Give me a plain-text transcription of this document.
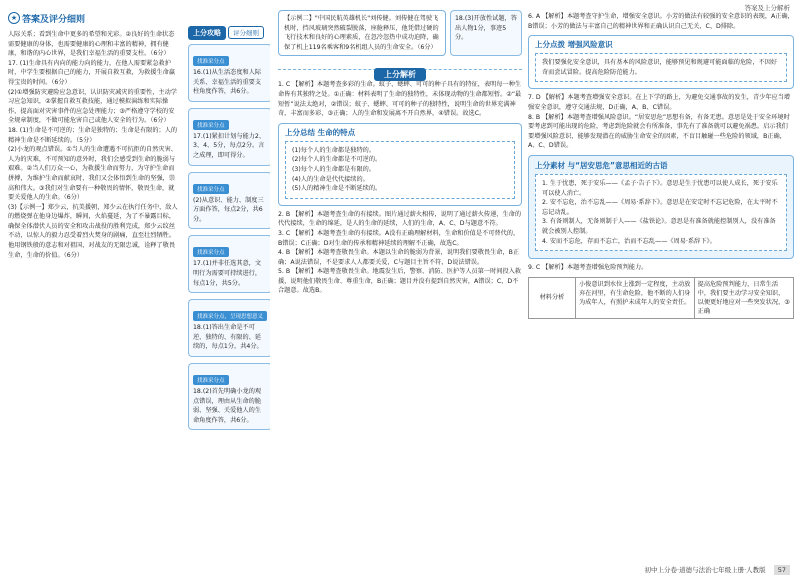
答案及上分解析
★ 答案及评分细则

人际关系；看到生命中更多的希望和光彩。②良好的生命状态需要健康的身体，也需要健康的心理和丰富的精神，拥有健康，和谐的内心世界，是我们幸福生活的重要支柱。（6分）

17. (1)生命具有内向的能力向的能力，在他人需要紧急救护时，中学生要根据自己的能力，开展自救互救，为救援生命赢得宝贵的时间。（6分）

(2)①增强防灾避险应急意识，认识防灾减灾的重要性，主动学习应急知识，②掌握自救互救技能，通过模拟演练和实际操作，提高面对灾害事件的应急处理能力；③严格遵守学校的安全规章制度，不做可能危害自己或他人安全的行为。（6分）

18. (1)生命是不可逆的；生命是独特的；生命是有限的；人的精神生命是不断延续的。（5分）

(2)小龙的观点错误。①当人的生命遭遇不可抗拒的自然灾害、人为的灾难，不可预知的意外时，我们会感受到生命的脆弱与艰难。②当人们万众一心，为救援生命而努力，为守护生命而拼搏，为维护生命而献哀时，我们又会体悟到生命的坚强，崇高和伟大。③我们对生命要有一种敬畏的情怀，敬畏生命，就要关爱他人的生命。（6分）

(3)【示例一】郑少云，抗美援朝，郑少云在执行任务中，敌人的燃烧弹在他身边爆炸，瞬间，火焰蔓延，为了不暴露目标，确保全体潜伏人员的安全和攻击战役的胜利完成，郑少云纹丝不动，以惊人的毅力忍受着烈火焚身的剧痛，直至壮烈牺牲。他用钢铁般的意志和对祖国，对战友的无限忠诚，诠释了敬畏生命，生命的价值。（6分）

上分攻略 评分细则
找准采分点

16.(1)从生活态度和人际关系、幸福生活的重要支柱角度作答，共6分。

找准采分点

17.(1)紧扣计划与能力2、3、4、5分，每点2分。言之成理，即可得分。

找准采分点

(2)从意识、能力、制度三方面作答，每点2分，共6分。

找准采分点

17.(1)并非任选其意，文明行为需要可持续进行，每点1分，共5分。

找准采分点，呈现思想意义

18.(1)答出生命是不可逆、独特的、有限的、延续的，每点1分，共4分。

找准采分点

18.(2)首先明确小龙的观点错误，理由从生命的脆弱、坚强、关爱他人的生命角度作答，共6分。

【示例二】"中国民航英雄机长"刘传健。刘传健在驾驶飞机时，挡风玻璃突然破裂脱落，座舱释压，他凭借过硬的飞行技术和良好的心理素质，在忽冷忽热中成功迫降，确保了机上119名乘客和9名机组人员的生命安全。（6分）

18.(3)开放性试题，答出人物1分，事迹5分。

上分解析

1. C 【解析】本题考查多彩的生命。蚊子、蟋蟀、可可的种子具有的特征，表明每一种生命皆有其独特之处。①正确：材料表明了生命的独特性，未体现动物的生命都短暂。②“最短暂”说法太绝对，②错误；蚊子、蟋蟀、可可的种子的独特性，说明生命的世界充满神奇，丰富而多彩，③正确；人的生命和发展离不开自然界，④错误。故选C。

上分总结 生命的特点

(1)每个人的生命都是独特的。

(2)每个人的生命都是不可逆的。

(3)每个人的生命都是有限的。

(4)人的生命是代代接续的。

(5)人的精神生命是不断延续的。

2. B 【解析】本题考查生命的有接续。图片通过薪火相传，说明了通过薪火传递，生命的代代接续，生命的绵延，是人的生命的延续，人们的生命，A、C、D与题意不符。

3. C 【解析】本题考查生命的有接续。A没有正确理解材料，生命和价值是不可替代的，B错误；C正确；D对生命的传承和精神延续的理解不正确，故选C。

4. B 【解析】本题考查敬畏生命。本题以生命的脆弱为背景，说明我们要敬畏生命，B正确；A说法错误，不是要求人人都要关爱，C与题目主旨不符，D说法错误。

5. B 【解析】本题考查敬畏生命。地震发生后，警察、消防、医护等人员第一时间投入救援，说明他们敬畏生命、尊重生命，B正确；题目并没有提到自然灾害，A错误；C、D不合题意。故选B。

6. A 【解析】本题考查守护生命，增强安全意识。小芳的做法有较强的安全意识的表现，A正确，B错误；小芳的做法与丰富自己的精神世界和正确认识自己无关，C、D排除。

上分点拨 增强风险意识

我们要强化安全意识，具有基本的风险意识，能够预见和规避可能面临的危险，不因好奇而尝试冒险。提高危险防范能力。

7. D 【解析】本题考查增强安全意识。在上下学的路上，为避免交通事故的发生，青少年应当增强安全意识，遵守交通法规，D正确，A、B、C错误。

8. B 【解析】本题考查增强风险意识。“居安思危”思想有备，有备无患。意思是处于安全环境时要考虑到可能出现的危险，考虑到危险就会有所准备，事先有了准备就可以避免祸患。启示我们要增强风险意识，能够发现潜在的威胁生命安全的因素，不盲目触碰一些危险的领域，B正确，A、C、D错误。

上分素材 与“居安思危”意思相近的古语

1. 生于忧患，死于安乐——《孟子·告子下》。意思是生于忧患可以使人成长，死于安乐可以使人消亡。

2. 安不忘危，治不忘乱——《周易·系辞下》。意思是在安定时不忘记危险，在太平时不忘记动乱。

3. 有备则制人，无备则制于人——《盐铁论》。意思是有准备就能控制别人，没有准备就会被别人控制。

4. 安而不忘危，存而不忘亡，治而不忘乱——《周易·系辞下》。

9. C 【解析】本题考查增强危险预判能力。

材料分析	小俊意识到水位上涨到一定程度，主动放弃在河里，有生命危险，他不断的人们身为成年人，有照护未成年人的安全责任。	提高危险预判能力，日常生活中，我们要主动学习安全知识，以便更好地应对一些突发状况，③正确
初中上分卷·道德与法治七年级上册·人教版 57
